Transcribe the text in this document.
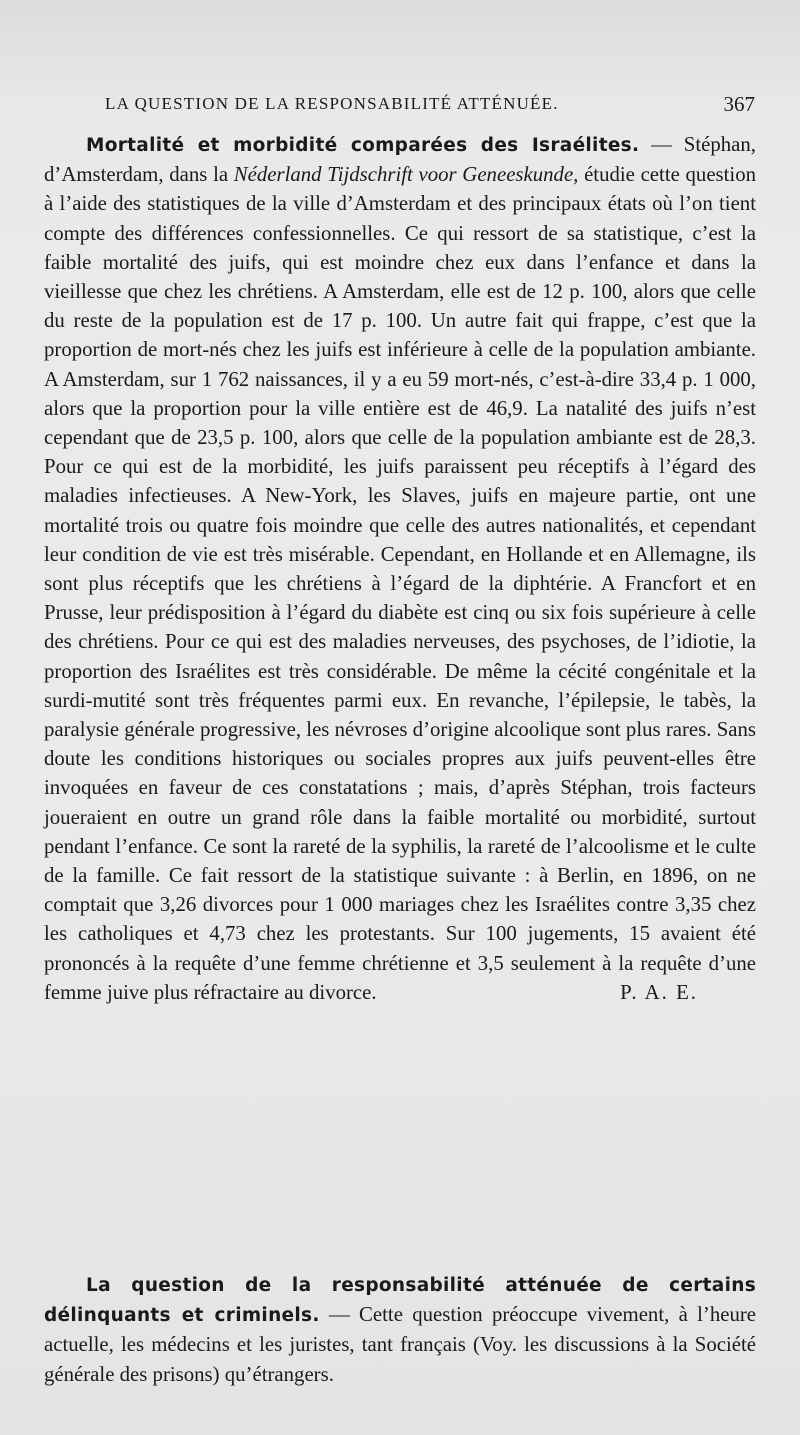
LA QUESTION DE LA RESPONSABILITÉ ATTÉNUÉE.	367

Mortalité et morbidité comparées des Israélites. — Stéphan, d’Amsterdam, dans la Néderland Tijdschrift voor Geneeskunde, étudie cette question à l’aide des statistiques de la ville d’Amsterdam et des principaux états où l’on tient compte des différences confessionnelles. Ce qui ressort de sa statistique, c’est la faible mortalité des juifs, qui est moindre chez eux dans l’enfance et dans la vieillesse que chez les chrétiens. A Amsterdam, elle est de 12 p. 100, alors que celle du reste de la population est de 17 p. 100. Un autre fait qui frappe, c’est que la proportion de mort-nés chez les juifs est inférieure à celle de la population ambiante. A Amsterdam, sur 1 762 naissances, il y a eu 59 mort-nés, c’est-à-dire 33,4 p. 1 000, alors que la proportion pour la ville entière est de 46,9. La natalité des juifs n’est cependant que de 23,5 p. 100, alors que celle de la population ambiante est de 28,3. Pour ce qui est de la morbidité, les juifs paraissent peu réceptifs à l’égard des maladies infectieuses. A New-York, les Slaves, juifs en majeure partie, ont une mortalité trois ou quatre fois moindre que celle des autres nationalités, et cependant leur condition de vie est très misérable. Cependant, en Hollande et en Allemagne, ils sont plus réceptifs que les chrétiens à l’égard de la diphtérie. A Francfort et en Prusse, leur prédisposition à l’égard du diabète est cinq ou six fois supérieure à celle des chrétiens. Pour ce qui est des maladies nerveuses, des psychoses, de l’idiotie, la proportion des Israélites est très considérable. De même la cécité congénitale et la surdi-mutité sont très fréquentes parmi eux. En revanche, l’épilepsie, le tabès, la paralysie générale progressive, les névroses d’origine alcoolique sont plus rares. Sans doute les conditions historiques ou sociales propres aux juifs peuvent-elles être invoquées en faveur de ces constatations ; mais, d’après Stéphan, trois facteurs joueraient en outre un grand rôle dans la faible mortalité ou morbidité, surtout pendant l’enfance. Ce sont la rareté de la syphilis, la rareté de l’alcoolisme et le culte de la famille. Ce fait ressort de la statistique suivante : à Berlin, en 1896, on ne comptait que 3,26 divorces pour 1 000 mariages chez les Israélites contre 3,35 chez les catholiques et 4,73 chez les protestants. Sur 100 jugements, 15 avaient été prononcés à la requête d’une femme chrétienne et 3,5 seulement à la requête d’une femme juive plus réfractaire au divorce.	P. A. E.

La question de la responsabilité atténuée de certains délinquants et criminels. — Cette question préoccupe vivement, à l’heure actuelle, les médecins et les juristes, tant français (Voy. les discussions à la Société générale des prisons) qu’étrangers.
